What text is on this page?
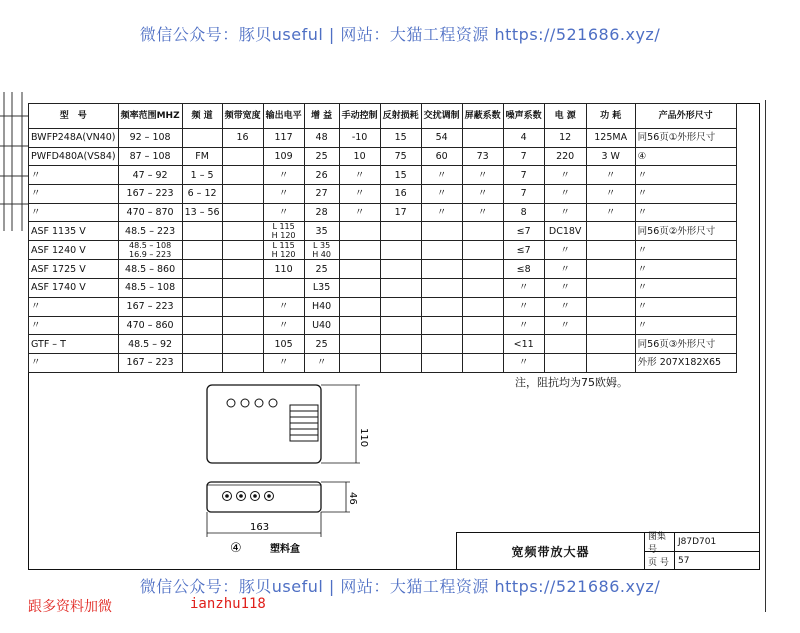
微信公众号：豚贝useful | 网站：大猫工程资源 https://521686.xyz/
型　号	频率范围MHZ	频 道	频带宽度	输出电平	增 益	手动控制	反射损耗	交扰调制	屏蔽系数	噪声系数	电 源	功 耗	产品外形尺寸
BWFP248A(VN40)	92 – 108		16	117	48	-10	15	54		4	12	125MA	同56页①外形尺寸
PWFD480A(VS84)	87 – 108	FM		109	25	10	75	60	73	7	220	3 W	④
〃	47 – 92	1 – 5		〃	26	〃	15	〃	〃	7	〃	〃	〃
〃	167 – 223	6 – 12		〃	27	〃	16	〃	〃	7	〃	〃	〃
〃	470 – 870	13 – 56		〃	28	〃	17	〃	〃	8	〃	〃	〃
ASF 1135 V	48.5 – 223			L 115
H 120	35					≤7	DC18V		同56页②外形尺寸
ASF 1240 V	48.5 – 108
16.9 – 223			L 115
H 120	L 35
H 40					≤7	〃		〃
ASF 1725 V	48.5 – 860			110	25					≤8	〃		〃
ASF 1740 V	48.5 – 108				L35					〃	〃		〃
〃	167 – 223			〃	H40					〃	〃		〃
〃	470 – 860			〃	U40					〃	〃		〃
GTF – T	48.5 – 92			105	25					<11			同56页③外形尺寸
〃	167 – 223			〃	〃					〃			外形 207X182X65
注，阻抗均为75欧姆。
110
46
163
④	塑料盒	宽频带放大器
图集号
J87D701
页 号	57
微信公众号：豚贝useful | 网站：大猫工程资源 https://521686.xyz/
跟多资料加微	ianzhu118
